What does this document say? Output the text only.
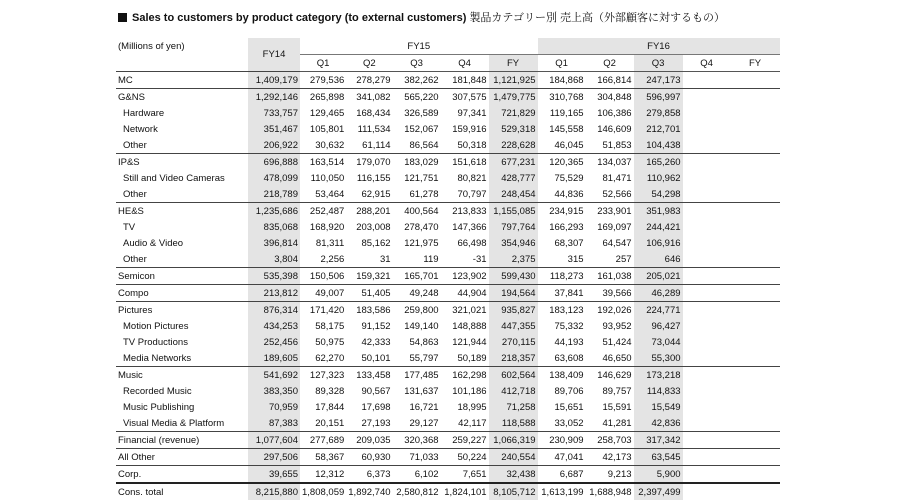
Sales to customers by product category (to external customers) 製品カテゴリー別 売上高（外部顧客に対するもの）
(Millions of yen)	FY14	FY15					FY16				
		Q1	Q2	Q3	Q4	FY	Q1	Q2	Q3	Q4	FY
MC	1,409,179	279,536	278,279	382,262	181,848	1,121,925	184,868	166,814	247,173		
G&NS	1,292,146	265,898	341,082	565,220	307,575	1,479,775	310,768	304,848	596,997		
Hardware	733,757	129,465	168,434	326,589	97,341	721,829	119,165	106,386	279,858		
Network	351,467	105,801	111,534	152,067	159,916	529,318	145,558	146,609	212,701		
Other	206,922	30,632	61,114	86,564	50,318	228,628	46,045	51,853	104,438		
IP&S	696,888	163,514	179,070	183,029	151,618	677,231	120,365	134,037	165,260		
Still and Video Cameras	478,099	110,050	116,155	121,751	80,821	428,777	75,529	81,471	110,962		
Other	218,789	53,464	62,915	61,278	70,797	248,454	44,836	52,566	54,298		
HE&S	1,235,686	252,487	288,201	400,564	213,833	1,155,085	234,915	233,901	351,983		
TV	835,068	168,920	203,008	278,470	147,366	797,764	166,293	169,097	244,421		
Audio & Video	396,814	81,311	85,162	121,975	66,498	354,946	68,307	64,547	106,916		
Other	3,804	2,256	31	119	-31	2,375	315	257	646		
Semicon	535,398	150,506	159,321	165,701	123,902	599,430	118,273	161,038	205,021		
Compo	213,812	49,007	51,405	49,248	44,904	194,564	37,841	39,566	46,289		
Pictures	876,314	171,420	183,586	259,800	321,021	935,827	183,123	192,026	224,771		
Motion Pictures	434,253	58,175	91,152	149,140	148,888	447,355	75,332	93,952	96,427		
TV Productions	252,456	50,975	42,333	54,863	121,944	270,115	44,193	51,424	73,044		
Media Networks	189,605	62,270	50,101	55,797	50,189	218,357	63,608	46,650	55,300		
Music	541,692	127,323	133,458	177,485	162,298	602,564	138,409	146,629	173,218		
Recorded Music	383,350	89,328	90,567	131,637	101,186	412,718	89,706	89,757	114,833		
Music Publishing	70,959	17,844	17,698	16,721	18,995	71,258	15,651	15,591	15,549		
Visual Media & Platform	87,383	20,151	27,193	29,127	42,117	118,588	33,052	41,281	42,836		
Financial (revenue)	1,077,604	277,689	209,035	320,368	259,227	1,066,319	230,909	258,703	317,342		
All Other	297,506	58,367	60,930	71,033	50,224	240,554	47,041	42,173	63,545		
Corp.	39,655	12,312	6,373	6,102	7,651	32,438	6,687	9,213	5,900		
Cons. total	8,215,880	1,808,059	1,892,740	2,580,812	1,824,101	8,105,712	1,613,199	1,688,948	2,397,499		
